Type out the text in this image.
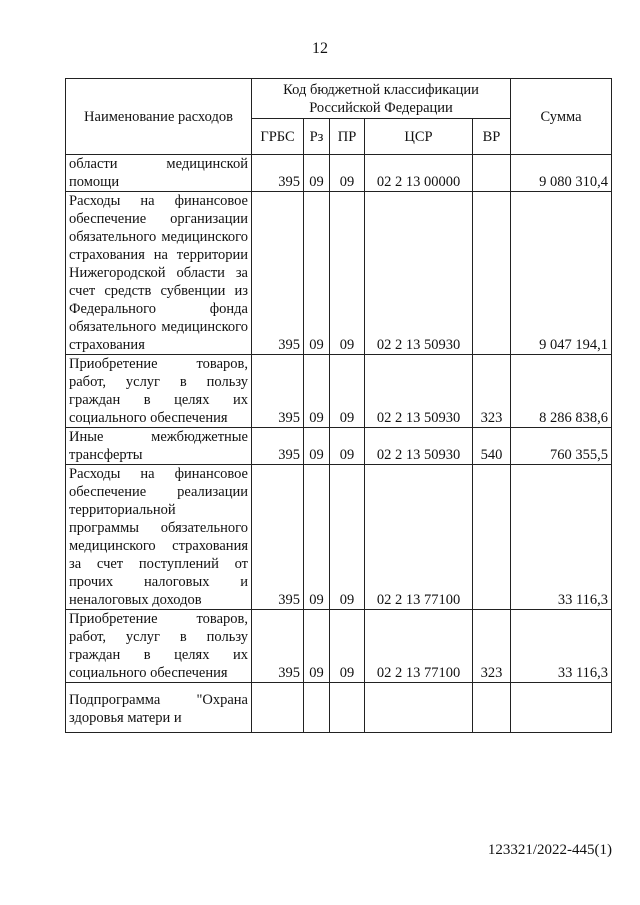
12
Наименование расходов	Код бюджетной классификации Российской Федерации					Сумма
	ГРБС	Рз	ПР	ЦСР	ВР	
области медицинской помощи	395	09	09	02 2 13 00000		9 080 310,4
Расходы на финансовое обеспечение организации обязательного медицинского страхования на территории Нижегородской области за счет средств субвенции из Федерального фонда обязательного медицинского страхования	395	09	09	02 2 13 50930		9 047 194,1
Приобретение товаров, работ, услуг в пользу граждан в целях их социального обеспечения	395	09	09	02 2 13 50930	323	8 286 838,6
Иные межбюджетные трансферты	395	09	09	02 2 13 50930	540	760 355,5
Расходы на финансовое обеспечение реализации территориальной программы обязательного медицинского страхования за счет поступлений от прочих налоговых и неналоговых доходов	395	09	09	02 2 13 77100		33 116,3
Приобретение товаров, работ, услуг в пользу граждан в целях их социального обеспечения	395	09	09	02 2 13 77100	323	33 116,3
Подпрограмма "Охрана здоровья матери и						
123321/2022-445(1)
